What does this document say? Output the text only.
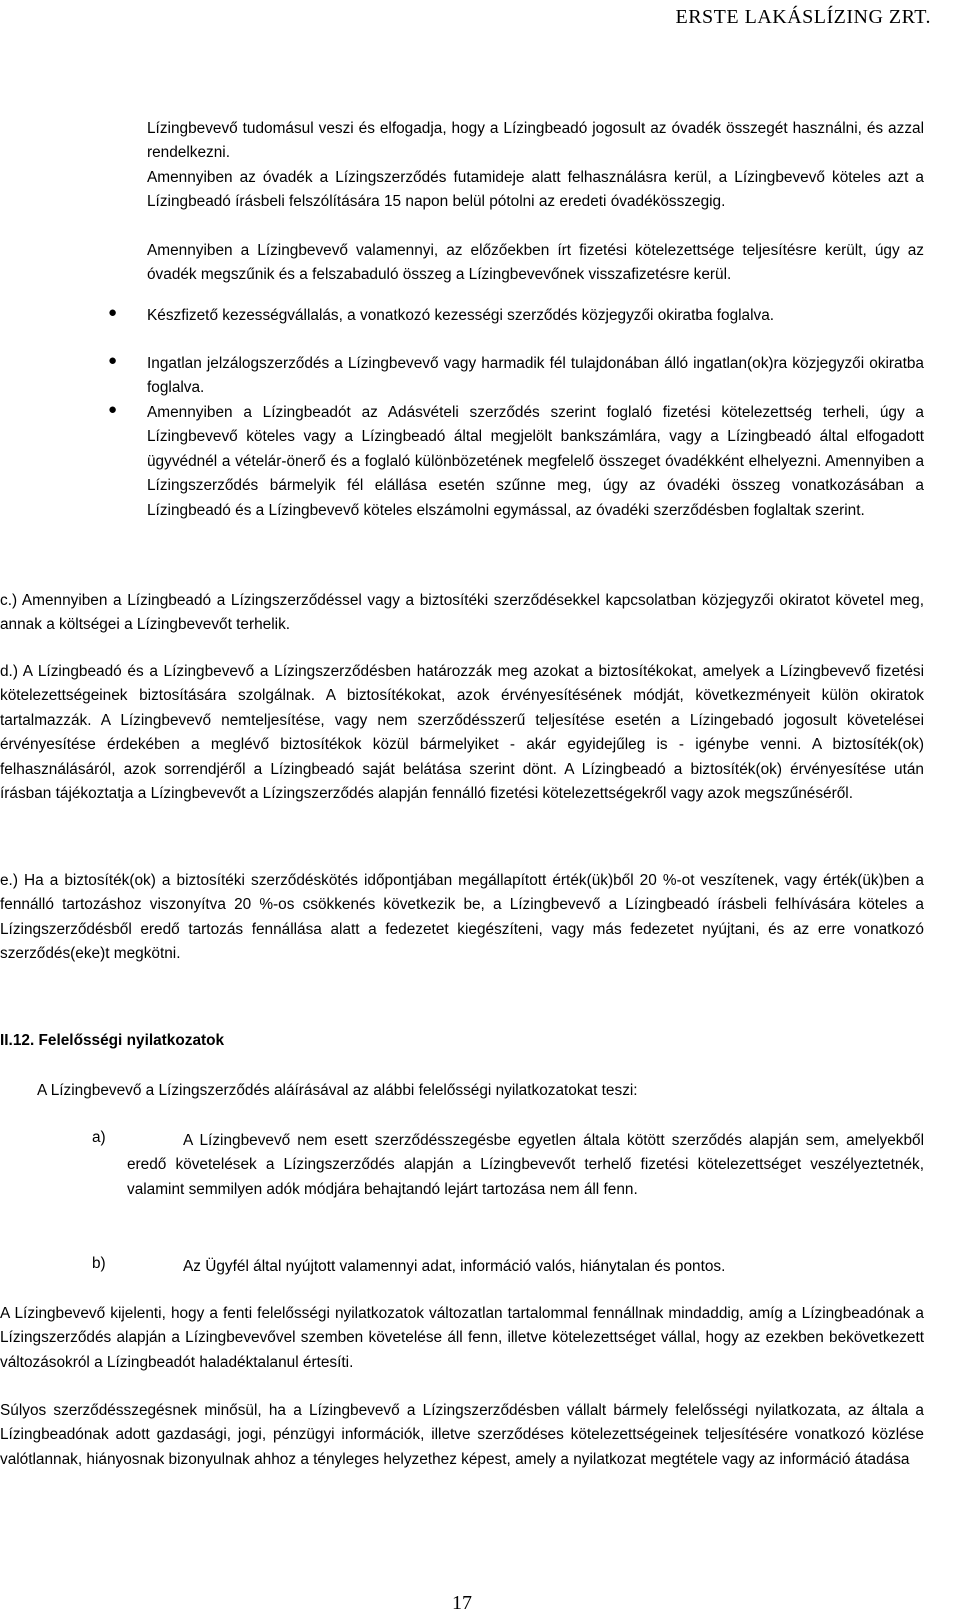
ERSTE LAKÁSLÍZING ZRT.

Lízingbevevő tudomásul veszi és elfogadja, hogy a Lízingbeadó jogosult az óvadék összegét használni, és azzal rendelkezni.

Amennyiben az óvadék a Lízingszerződés futamideje alatt felhasználásra kerül, a Lízingbevevő köteles azt a Lízingbeadó írásbeli felszólítására 15 napon belül pótolni az eredeti óvadékösszegig.

Amennyiben a Lízingbevevő valamennyi, az előzőekben írt fizetési kötelezettsége teljesítésre került, úgy az óvadék megszűnik és a felszabaduló összeg a Lízingbevevőnek visszafizetésre kerül.

● Készfizető kezességvállalás, a vonatkozó kezességi szerződés közjegyzői okiratba foglalva.

● Ingatlan jelzálogszerződés a Lízingbevevő vagy harmadik fél tulajdonában álló ingatlan(ok)ra közjegyzői okiratba foglalva.

● Amennyiben a Lízingbeadót az Adásvételi szerződés szerint foglaló fizetési kötelezettség terheli, úgy a Lízingbevevő köteles vagy a Lízingbeadó által megjelölt bankszámlára, vagy a Lízingbeadó által elfogadott ügyvédnél a vételár-önerő és a foglaló különbözetének megfelelő összeget óvadékként elhelyezni. Amennyiben a Lízingszerződés bármelyik fél elállása esetén szűnne meg, úgy az óvadéki összeg vonatkozásában a Lízingbeadó és a Lízingbevevő köteles elszámolni egymással, az óvadéki szerződésben foglaltak szerint.

c.) Amennyiben a Lízingbeadó a Lízingszerződéssel vagy a biztosítéki szerződésekkel kapcsolatban közjegyzői okiratot követel meg, annak a költségei a Lízingbevevőt terhelik.

d.) A Lízingbeadó és a Lízingbevevő a Lízingszerződésben határozzák meg azokat a biztosítékokat, amelyek a Lízingbevevő fizetési kötelezettségeinek biztosítására szolgálnak. A biztosítékokat, azok érvényesítésének módját, következményeit külön okiratok tartalmazzák. A Lízingbevevő nemteljesítése, vagy nem szerződésszerű teljesítése esetén a Lízingebadó jogosult követelései érvényesítése érdekében a meglévő biztosítékok közül bármelyiket - akár egyidejűleg is - igénybe venni. A biztosíték(ok) felhasználásáról, azok sorrendjéről a Lízingbeadó saját belátása szerint dönt. A Lízingbeadó a biztosíték(ok) érvényesítése után írásban tájékoztatja a Lízingbevevőt a Lízingszerződés alapján fennálló fizetési kötelezettségekről vagy azok megszűnéséről.

e.) Ha a biztosíték(ok) a biztosítéki szerződéskötés időpontjában megállapított érték(ük)ből 20 %-ot veszítenek, vagy érték(ük)ben a fennálló tartozáshoz viszonyítva 20 %-os csökkenés következik be, a Lízingbevevő a Lízingbeadó írásbeli felhívására köteles a Lízingszerződésből eredő tartozás fennállása alatt a fedezetet kiegészíteni, vagy más fedezetet nyújtani, és az erre vonatkozó szerződés(eke)t megkötni.

II.12. Felelősségi nyilatkozatok

A Lízingbevevő a Lízingszerződés aláírásával az alábbi felelősségi nyilatkozatokat teszi:

a)	A Lízingbevevő nem esett szerződésszegésbe egyetlen általa kötött szerződés alapján sem, amelyekből eredő követelések a Lízingszerződés alapján a Lízingbevevőt terhelő fizetési kötelezettséget veszélyeztetnék, valamint semmilyen adók módjára behajtandó lejárt tartozása nem áll fenn.

b)	Az Ügyfél által nyújtott valamennyi adat, információ valós, hiánytalan és pontos.

A Lízingbevevő kijelenti, hogy a fenti felelősségi nyilatkozatok változatlan tartalommal fennállnak mindaddig, amíg a Lízingbeadónak a Lízingszerződés alapján a Lízingbevevővel szemben követelése áll fenn, illetve kötelezettséget vállal, hogy az ezekben bekövetkezett változásokról a Lízingbeadót haladéktalanul értesíti.

Súlyos szerződésszegésnek minősül, ha a Lízingbevevő a Lízingszerződésben vállalt bármely felelősségi nyilatkozata, az általa a Lízingbeadónak adott gazdasági, jogi, pénzügyi információk, illetve szerződéses kötelezettségeinek teljesítésére vonatkozó közlése valótlannak, hiányosnak bizonyulnak ahhoz a tényleges helyzethez képest, amely a nyilatkozat megtétele vagy az információ átadása

17
